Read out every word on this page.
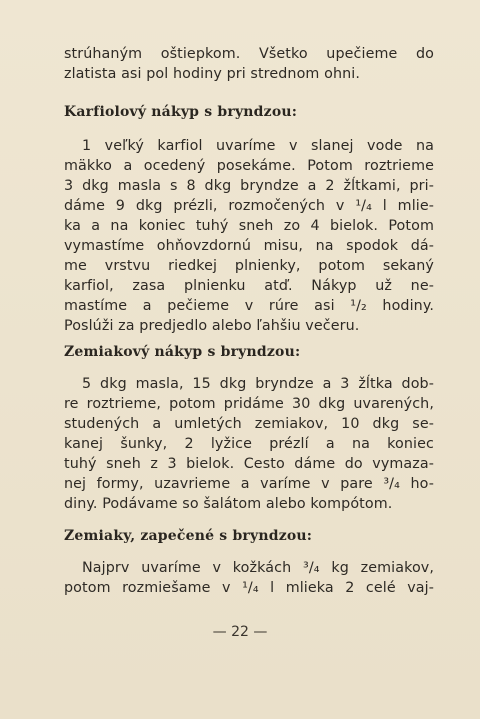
strúhaným oštiepkom. Všetko upečieme do
zlatista asi pol hodiny pri strednom ohni.
Karfiolový nákyp s bryndzou:
1 veľký karfiol uvaríme v slanej vode na
mäkko a ocedený posekáme. Potom roztrieme
3 dkg masla s 8 dkg bryndze a 2 žĺtkami, pri-
dáme 9 dkg prézli, rozmočených v ¹/₄ l mlie-
ka a na koniec tuhý sneh zo 4 bielok. Potom
vymastíme ohňovzdornú misu, na spodok dá-
me vrstvu riedkej plnienky, potom sekaný
karfiol, zasa plnienku atď. Nákyp už ne-
mastíme a pečieme v rúre asi ¹/₂ hodiny.
Poslúži za predjedlo alebo ľahšiu večeru.
Zemiakový nákyp s bryndzou:
5 dkg masla, 15 dkg bryndze a 3 žĺtka dob-
re roztrieme, potom pridáme 30 dkg uvarených,
studených a umletých zemiakov, 10 dkg se-
kanej šunky, 2 lyžice prézlí a na koniec
tuhý sneh z 3 bielok. Cesto dáme do vymaza-
nej formy, uzavrieme a varíme v pare ³/₄ ho-
diny. Podávame so šalátom alebo kompótom.
Zemiaky, zapečené s bryndzou:
Najprv uvaríme v kožkách ³/₄ kg zemiakov,
potom rozmiešame v ¹/₄ l mlieka 2 celé vaj-
— 22 —
